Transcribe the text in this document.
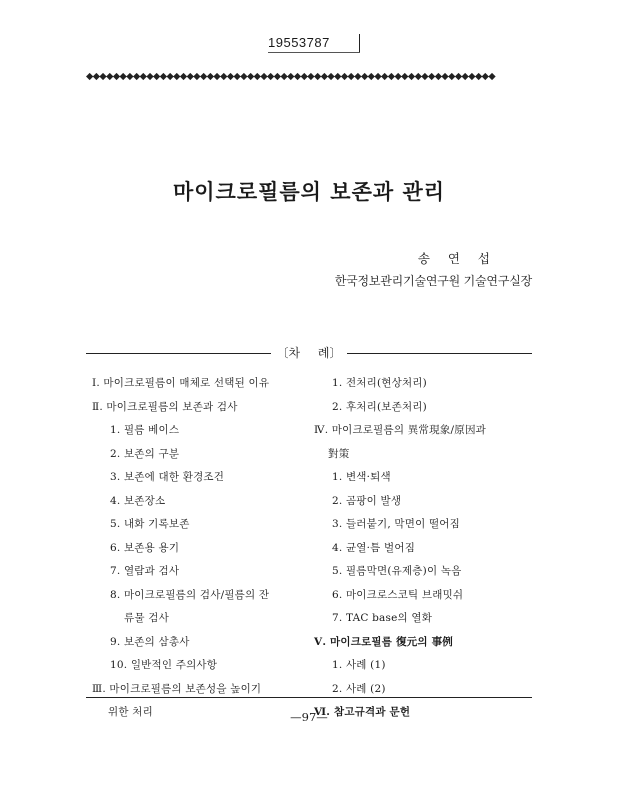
19553787
◆◆◆◆◆◆◆◆◆◆◆◆◆◆◆◆◆◆◆◆◆◆◆◆◆◆◆◆◆◆◆◆◆◆◆◆◆◆◆◆◆◆◆◆◆◆◆◆◆◆◆◆◆◆◆◆◆◆◆◆◆
마이크로필름의 보존과 관리
송 연 섭
한국정보관리기술연구원 기술연구실장
〔차 례〕
Ⅰ. 마이크로필름이 매체로 선택된 이유
Ⅱ. 마이크로필름의 보존과 검사
1. 필름 베이스
2. 보존의 구분
3. 보존에 대한 환경조건
4. 보존장소
5. 내화 기록보존
6. 보존용 용기
7. 열람과 검사
8. 마이크로필름의 검사/필름의 잔
류물 검사
9. 보존의 삼총사
10. 일반적인 주의사항
Ⅲ. 마이크로필름의 보존성을 높이기
위한 처리
1. 전처리(현상처리)
2. 후처리(보존처리)
Ⅳ. 마이크로필름의 異常現象/原因과
對策
1. 변색·퇴색
2. 곰팡이 발생
3. 들러붙기, 막면이 떨어짐
4. 균열·틈 벌어짐
5. 필름막면(유제층)이 녹음
6. 마이크로스코틱 브래밋쉬
7. TAC base의 열화
Ⅴ. 마이크로필름 復元의 事例
1. 사례 (1)
2. 사례 (2)
Ⅵ. 참고규격과 문헌
—97—
